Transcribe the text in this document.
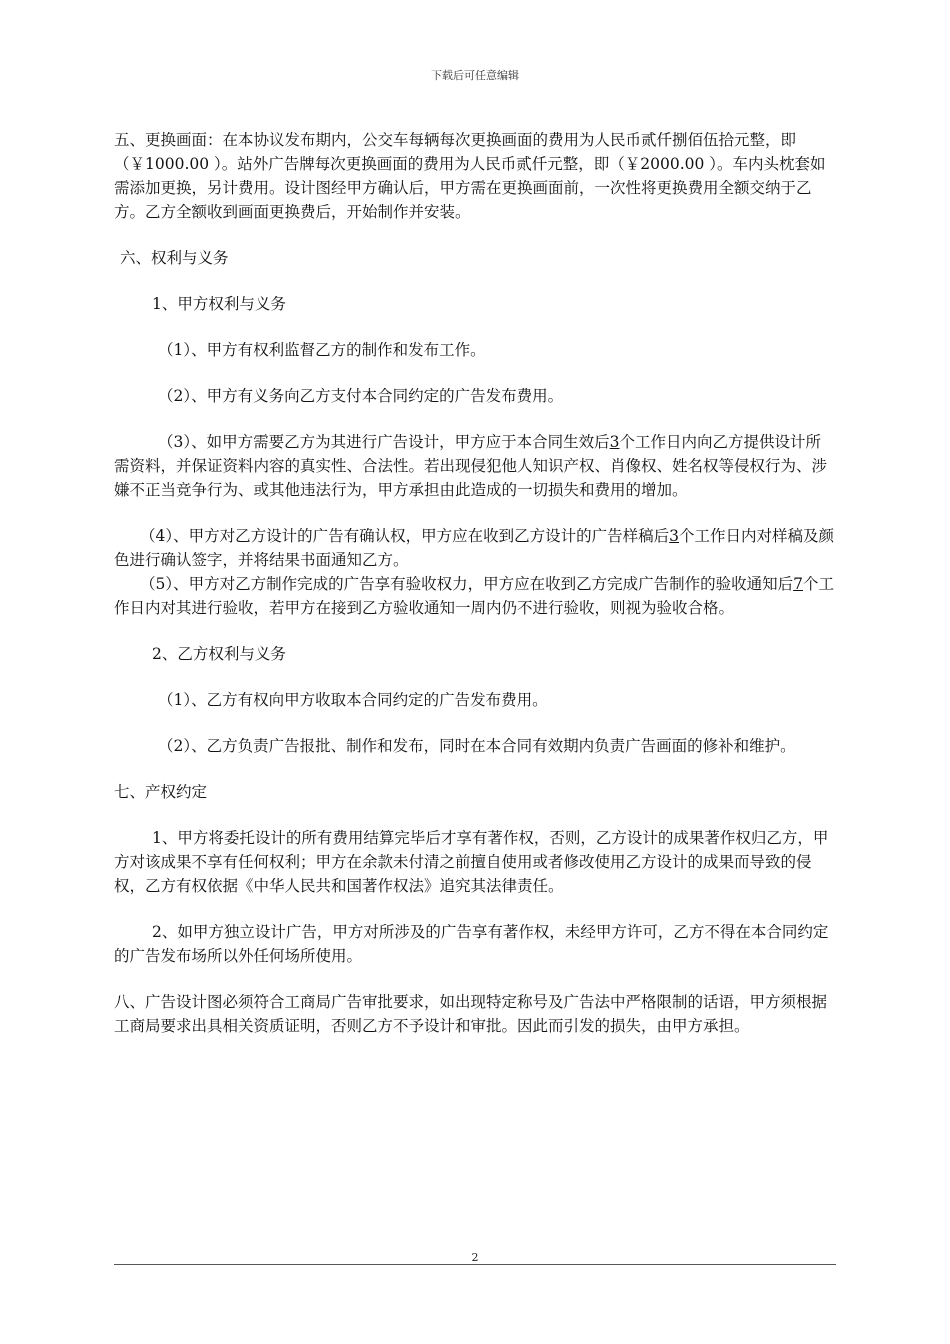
下载后可任意编辑

五、更换画面：在本协议发布期内，公交车每辆每次更换画面的费用为人民币贰仟捌佰伍拾元整，即（￥1000.00 ）。站外广告牌每次更换画面的费用为人民币贰仟元整，即（￥2000.00 ）。车内头枕套如需添加更换，另计费用。设计图经甲方确认后，甲方需在更换画面前，一次性将更换费用全额交纳于乙方。乙方全额收到画面更换费后，开始制作并安装。

六、权利与义务

1、甲方权利与义务

（1）、甲方有权利监督乙方的制作和发布工作。

（2）、甲方有义务向乙方支付本合同约定的广告发布费用。

（3）、如甲方需要乙方为其进行广告设计，甲方应于本合同生效后3个工作日内向乙方提供设计所需资料，并保证资料内容的真实性、合法性。若出现侵犯他人知识产权、肖像权、姓名权等侵权行为、涉嫌不正当竞争行为、或其他违法行为，甲方承担由此造成的一切损失和费用的增加。

（4）、甲方对乙方设计的广告有确认权，甲方应在收到乙方设计的广告样稿后3个工作日内对样稿及颜色进行确认签字，并将结果书面通知乙方。

（5）、甲方对乙方制作完成的广告享有验收权力，甲方应在收到乙方完成广告制作的验收通知后7个工作日内对其进行验收，若甲方在接到乙方验收通知一周内仍不进行验收，则视为验收合格。

2、乙方权利与义务

（1）、乙方有权向甲方收取本合同约定的广告发布费用。

（2）、乙方负责广告报批、制作和发布，同时在本合同有效期内负责广告画面的修补和维护。

七、产权约定

1、甲方将委托设计的所有费用结算完毕后才享有著作权，否则，乙方设计的成果著作权归乙方，甲方对该成果不享有任何权利；甲方在余款未付清之前擅自使用或者修改使用乙方设计的成果而导致的侵权，乙方有权依据《中华人民共和国著作权法》追究其法律责任。

2、如甲方独立设计广告，甲方对所涉及的广告享有著作权，未经甲方许可，乙方不得在本合同约定的广告发布场所以外任何场所使用。

八、广告设计图必须符合工商局广告审批要求，如出现特定称号及广告法中严格限制的话语，甲方须根据工商局要求出具相关资质证明，否则乙方不予设计和审批。因此而引发的损失，由甲方承担。

2
